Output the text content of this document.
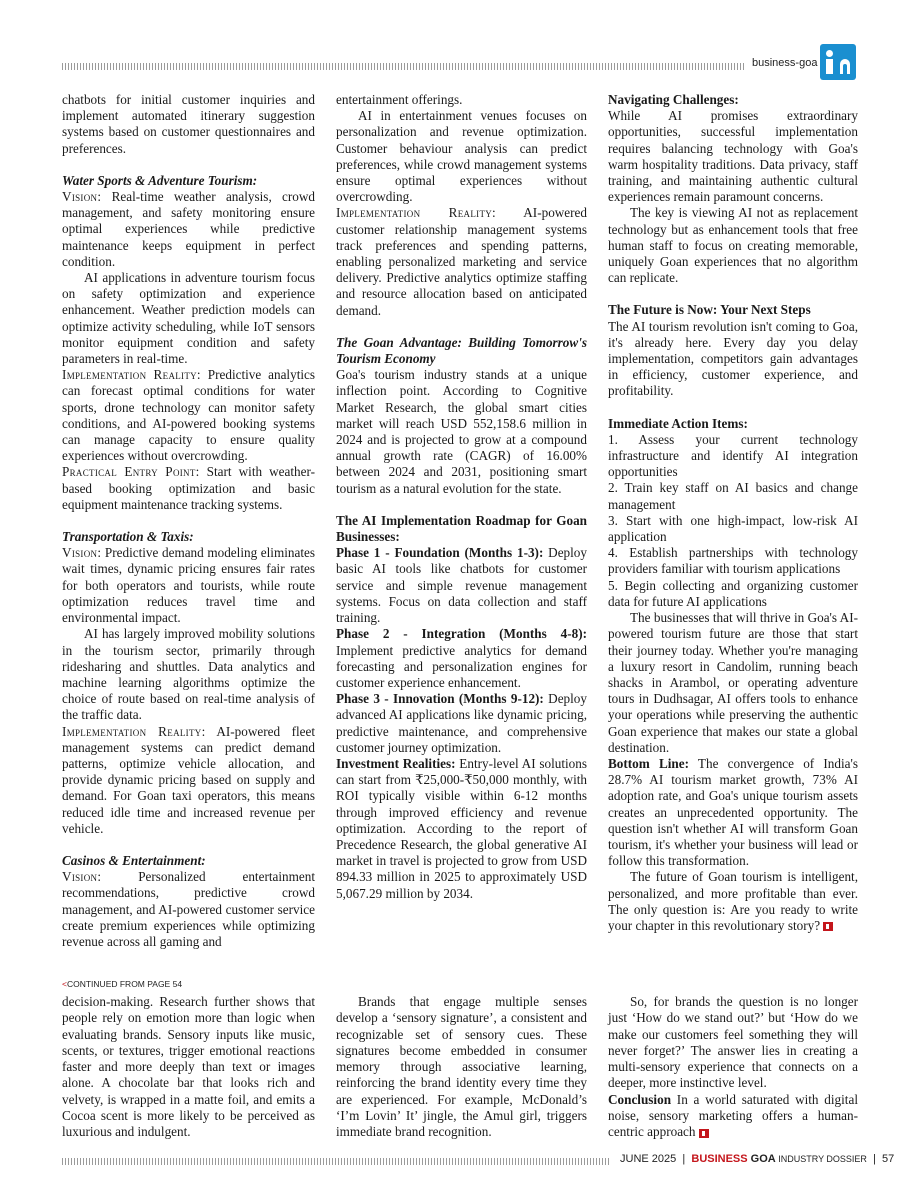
business-goa

chatbots for initial customer inquiries and implement automated itinerary suggestion systems based on customer questionnaires and preferences.

Water Sports & Adventure Tourism:

Vision: Real-time weather analysis, crowd management, and safety monitoring ensure optimal experiences while predictive maintenance keeps equipment in perfect condition.

AI applications in adventure tourism focus on safety optimization and experience enhancement. Weather prediction models can optimize activity scheduling, while IoT sensors monitor equipment condition and safety parameters in real-time.

Implementation Reality: Predictive analytics can forecast optimal conditions for water sports, drone technology can monitor safety conditions, and AI-powered booking systems can manage capacity to ensure quality experiences without overcrowding.

Practical Entry Point: Start with weather-based booking optimization and basic equipment maintenance tracking systems.

Transportation & Taxis:

Vision: Predictive demand modeling eliminates wait times, dynamic pricing ensures fair rates for both operators and tourists, while route optimization reduces travel time and environmental impact.

AI has largely improved mobility solutions in the tourism sector, primarily through ridesharing and shuttles. Data analytics and machine learning algorithms optimize the choice of route based on real-time analysis of the traffic data.

Implementation Reality: AI-powered fleet management systems can predict demand patterns, optimize vehicle allocation, and provide dynamic pricing based on supply and demand. For Goan taxi operators, this means reduced idle time and increased revenue per vehicle.

Casinos & Entertainment:

Vision: Personalized entertainment recommendations, predictive crowd management, and AI-powered customer service create premium experiences while optimizing revenue across all gaming and

entertainment offerings.

AI in entertainment venues focuses on personalization and revenue optimization. Customer behaviour analysis can predict preferences, while crowd management systems ensure optimal experiences without overcrowding.

Implementation Reality: AI-powered customer relationship management systems track preferences and spending patterns, enabling personalized marketing and service delivery. Predictive analytics optimize staffing and resource allocation based on anticipated demand.

The Goan Advantage: Building Tomorrow's Tourism Economy

Goa's tourism industry stands at a unique inflection point. According to Cognitive Market Research, the global smart cities market will reach USD 552,158.6 million in 2024 and is projected to grow at a compound annual growth rate (CAGR) of 16.00% between 2024 and 2031, positioning smart tourism as a natural evolution for the state.

The AI Implementation Roadmap for Goan Businesses:

Phase 1 - Foundation (Months 1-3): Deploy basic AI tools like chatbots for customer service and simple revenue management systems. Focus on data collection and staff training.

Phase 2 - Integration (Months 4-8): Implement predictive analytics for demand forecasting and personalization engines for customer experience enhancement.

Phase 3 - Innovation (Months 9-12): Deploy advanced AI applications like dynamic pricing, predictive maintenance, and comprehensive customer journey optimization.

Investment Realities: Entry-level AI solutions can start from ₹25,000-₹50,000 monthly, with ROI typically visible within 6-12 months through improved efficiency and revenue optimization. According to the report of Precedence Research, the global generative AI market in travel is projected to grow from USD 894.33 million in 2025 to approximately USD 5,067.29 million by 2034.

Navigating Challenges:

While AI promises extraordinary opportunities, successful implementation requires balancing technology with Goa's warm hospitality traditions. Data privacy, staff training, and maintaining authentic cultural experiences remain paramount concerns.

The key is viewing AI not as replacement technology but as enhancement tools that free human staff to focus on creating memorable, uniquely Goan experiences that no algorithm can replicate.

The Future is Now: Your Next Steps

The AI tourism revolution isn't coming to Goa, it's already here. Every day you delay implementation, competitors gain advantages in efficiency, customer experience, and profitability.

Immediate Action Items:

1. Assess your current technology infrastructure and identify AI integration opportunities

2. Train key staff on AI basics and change management

3. Start with one high-impact, low-risk AI application

4. Establish partnerships with technology providers familiar with tourism applications

5. Begin collecting and organizing customer data for future AI applications

The businesses that will thrive in Goa's AI-powered tourism future are those that start their journey today. Whether you're managing a luxury resort in Candolim, running beach shacks in Arambol, or operating adventure tours in Dudhsagar, AI offers tools to enhance your operations while preserving the authentic Goan experience that makes our state a global destination.

Bottom Line: The convergence of India's 28.7% AI tourism market growth, 73% AI adoption rate, and Goa's unique tourism assets creates an unprecedented opportunity. The question isn't whether AI will transform Goan tourism, it's whether your business will lead or follow this transformation.

The future of Goan tourism is intelligent, personalized, and more profitable than ever. The only question is: Are you ready to write your chapter in this revolutionary story?

<CONTINUED FROM PAGE 54

decision-making. Research further shows that people rely on emotion more than logic when evaluating brands. Sensory inputs like music, scents, or textures, trigger emotional reactions faster and more deeply than text or images alone. A chocolate bar that looks rich and velvety, is wrapped in a matte foil, and emits a Cocoa scent is more likely to be perceived as luxurious and indulgent.

Brands that engage multiple senses develop a ‘sensory signature’, a consistent and recognizable set of sensory cues. These signatures become embedded in consumer memory through associative learning, reinforcing the brand identity every time they are experienced. For example, McDonald’s ‘I’m Lovin’ It’ jingle, the Amul girl, triggers immediate brand recognition.

So, for brands the question is no longer just ‘How do we stand out?’ but ‘How do we make our customers feel something they will never forget?’ The answer lies in creating a multi-sensory experience that connects on a deeper, more instinctive level.

Conclusion In a world saturated with digital noise, sensory marketing offers a human-centric approach

JUNE 2025 | BUSINESS GOA INDUSTRY DOSSIER | 57
